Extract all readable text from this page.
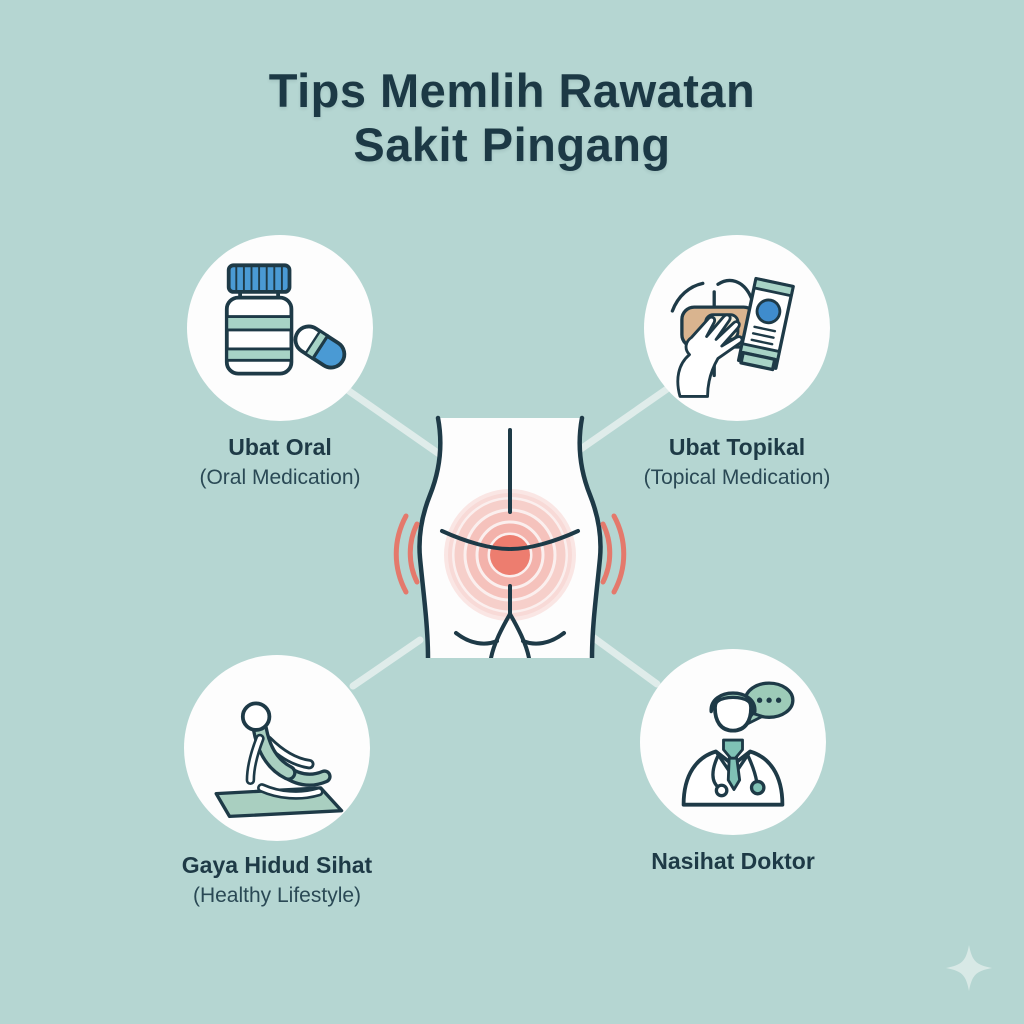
Tips Memlih Rawatan
Sakit Pingang
Ubat Oral
(Oral Medication)
Ubat Topikal
(Topical Medication)
Gaya Hidud Sihat
(Healthy Lifestyle)
Nasihat Doktor
